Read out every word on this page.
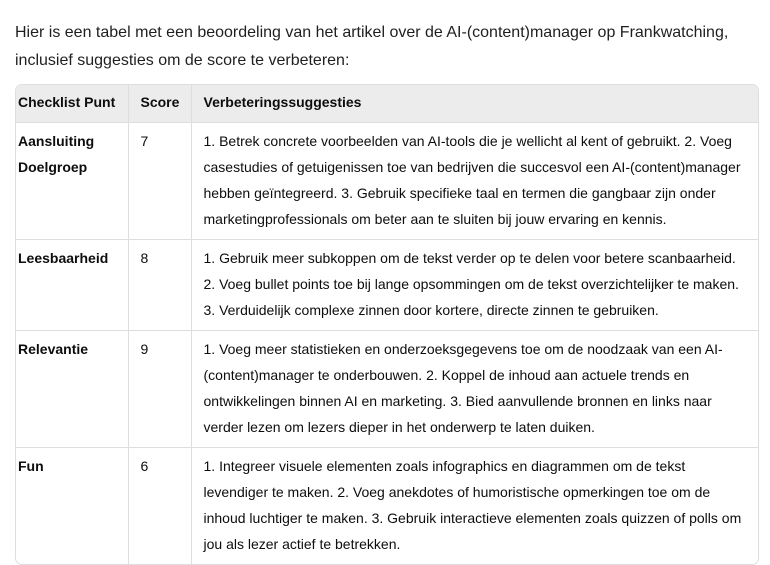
Hier is een tabel met een beoordeling van het artikel over de AI-(content)manager op Frankwatching, inclusief suggesties om de score te verbeteren:

Checklist Punt	Score	Verbeteringssuggesties
Aansluiting Doelgroep	7	1. Betrek concrete voorbeelden van AI-tools die je wellicht al kent of gebruikt. 2. Voeg casestudies of getuigenissen toe van bedrijven die succesvol een AI-(content)manager hebben geïntegreerd. 3. Gebruik specifieke taal en termen die gangbaar zijn onder marketingprofessionals om beter aan te sluiten bij jouw ervaring en kennis.
Leesbaarheid	8	1. Gebruik meer subkoppen om de tekst verder op te delen voor betere scanbaarheid. 2. Voeg bullet points toe bij lange opsommingen om de tekst overzichtelijker te maken. 3. Verduidelijk complexe zinnen door kortere, directe zinnen te gebruiken.
Relevantie	9	1. Voeg meer statistieken en onderzoeksgegevens toe om de noodzaak van een AI-(content)manager te onderbouwen. 2. Koppel de inhoud aan actuele trends en ontwikkelingen binnen AI en marketing. 3. Bied aanvullende bronnen en links naar verder lezen om lezers dieper in het onderwerp te laten duiken.
Fun	6	1. Integreer visuele elementen zoals infographics en diagrammen om de tekst levendiger te maken. 2. Voeg anekdotes of humoristische opmerkingen toe om de inhoud luchtiger te maken. 3. Gebruik interactieve elementen zoals quizzen of polls om jou als lezer actief te betrekken.
